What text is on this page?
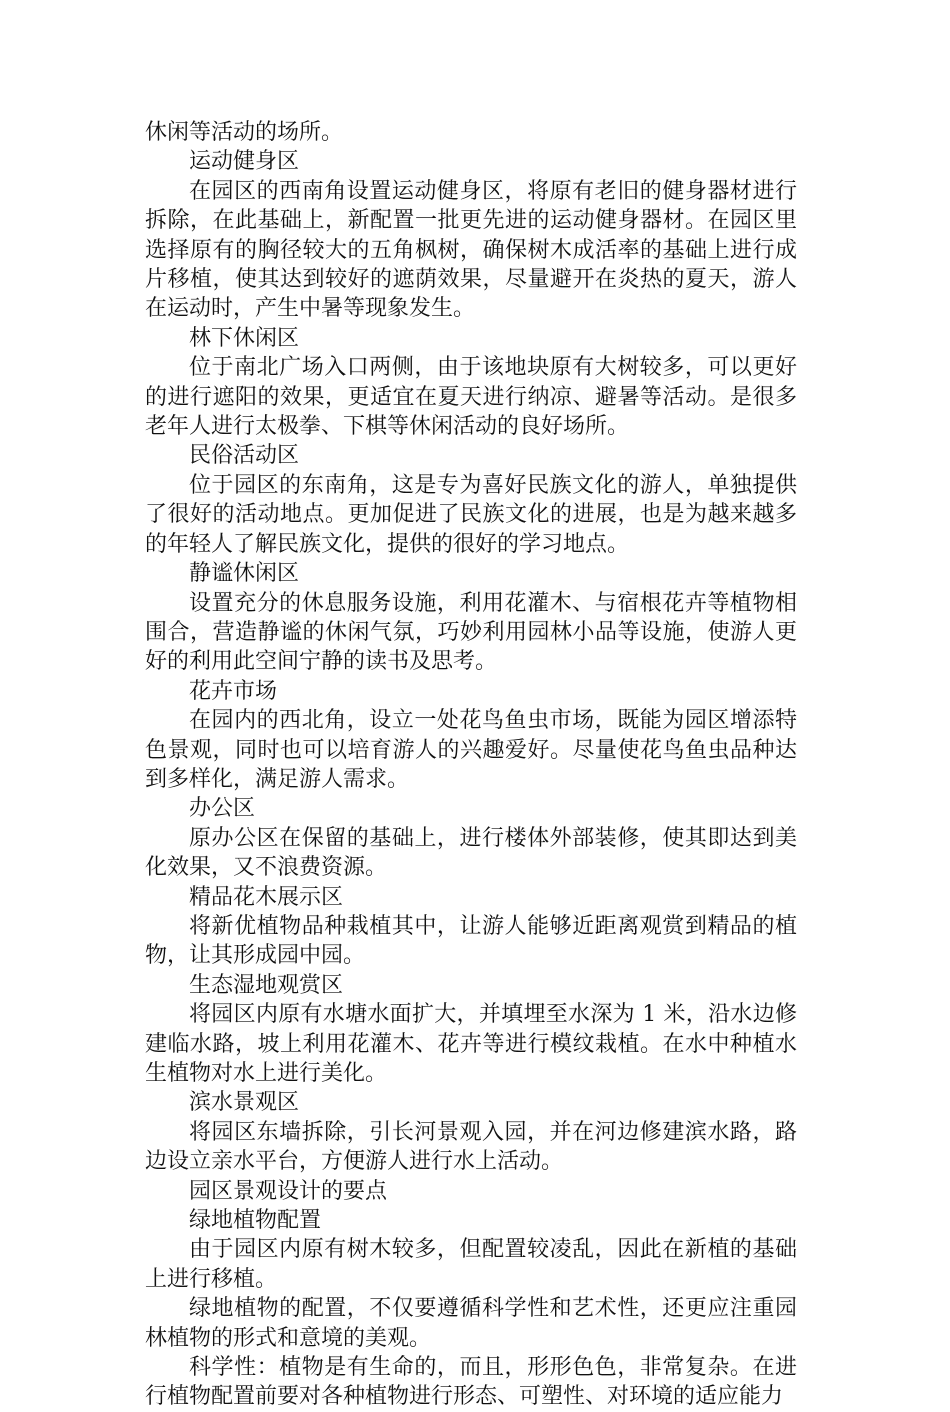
休闲等活动的场所。

运动健身区

在园区的西南角设置运动健身区，将原有老旧的健身器材进行拆除，在此基础上，新配置一批更先进的运动健身器材。在园区里选择原有的胸径较大的五角枫树，确保树木成活率的基础上进行成片移植，使其达到较好的遮荫效果，尽量避开在炎热的夏天，游人在运动时，产生中暑等现象发生。

林下休闲区

位于南北广场入口两侧，由于该地块原有大树较多，可以更好的进行遮阳的效果，更适宜在夏天进行纳凉、避暑等活动。是很多老年人进行太极拳、下棋等休闲活动的良好场所。

民俗活动区

位于园区的东南角，这是专为喜好民族文化的游人，单独提供了很好的活动地点。更加促进了民族文化的进展，也是为越来越多的年轻人了解民族文化，提供的很好的学习地点。

静谧休闲区

设置充分的休息服务设施，利用花灌木、与宿根花卉等植物相围合，营造静谧的休闲气氛，巧妙利用园林小品等设施，使游人更好的利用此空间宁静的读书及思考。

花卉市场

在园内的西北角，设立一处花鸟鱼虫市场，既能为园区增添特色景观，同时也可以培育游人的兴趣爱好。尽量使花鸟鱼虫品种达到多样化，满足游人需求。

办公区

原办公区在保留的基础上，进行楼体外部装修，使其即达到美化效果，又不浪费资源。

精品花木展示区

将新优植物品种栽植其中，让游人能够近距离观赏到精品的植物，让其形成园中园。

生态湿地观赏区

将园区内原有水塘水面扩大，并填埋至水深为 1 米，沿水边修建临水路，坡上利用花灌木、花卉等进行模纹栽植。在水中种植水生植物对水上进行美化。

滨水景观区

将园区东墙拆除，引长河景观入园，并在河边修建滨水路，路边设立亲水平台，方便游人进行水上活动。

园区景观设计的要点

绿地植物配置

由于园区内原有树木较多，但配置较凌乱，因此在新植的基础上进行移植。

绿地植物的配置，不仅要遵循科学性和艺术性，还更应注重园林植物的形式和意境的美观。

科学性：植物是有生命的，而且，形形色色，非常复杂。在进行植物配置前要对各种植物进行形态、可塑性、对环境的适应能力
